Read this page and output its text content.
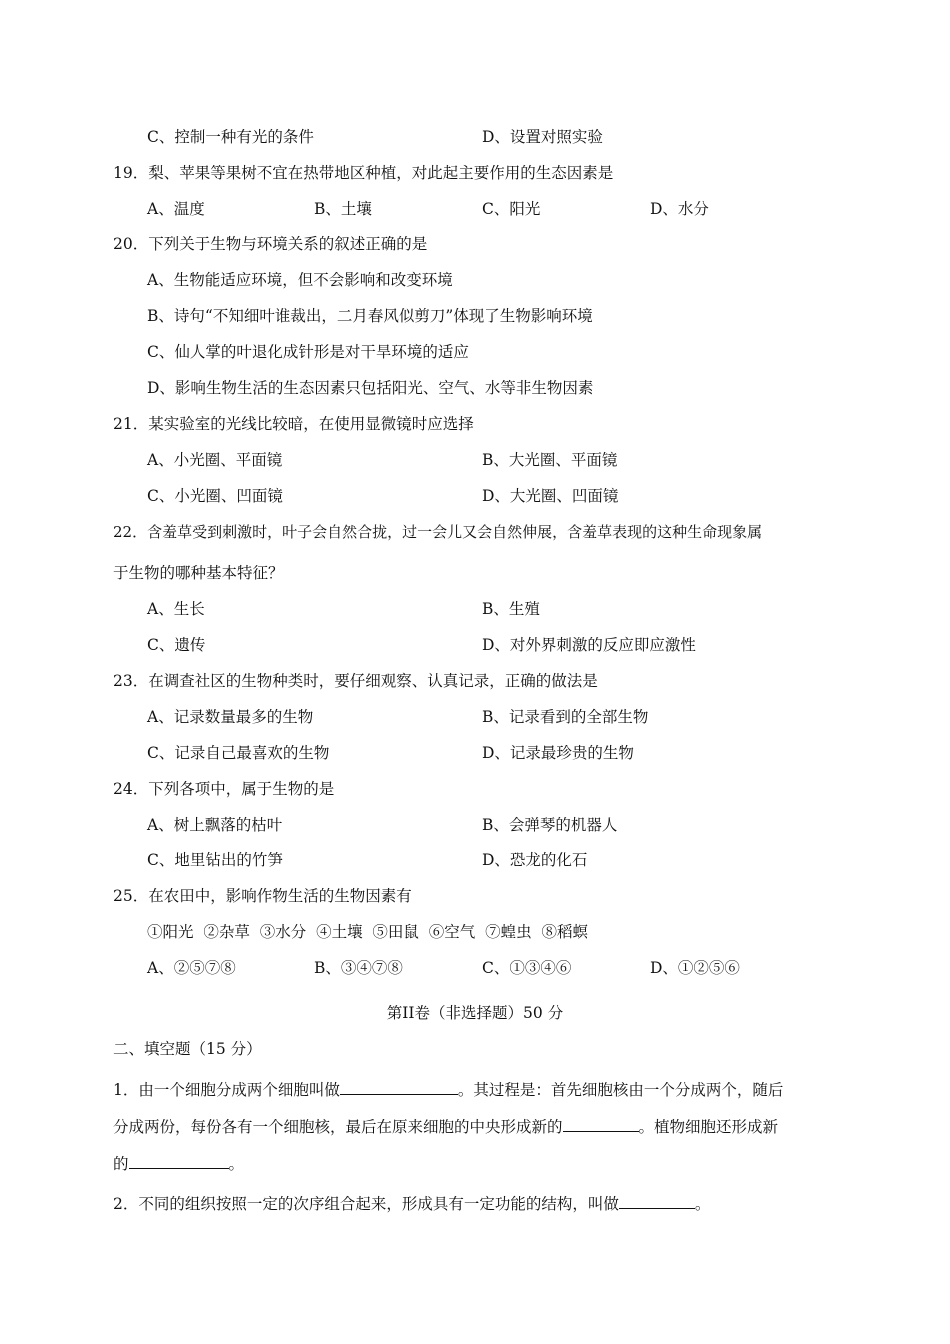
C、控制一种有光的条件	D、设置对照实验
19．梨、苹果等果树不宜在热带地区种植，对此起主要作用的生态因素是
A、温度	B、土壤	C、阳光	D、水分
20．下列关于生物与环境关系的叙述正确的是
A、生物能适应环境，但不会影响和改变环境
B、诗句“不知细叶谁裁出，二月春风似剪刀”体现了生物影响环境
C、仙人掌的叶退化成针形是对干旱环境的适应
D、影响生物生活的生态因素只包括阳光、空气、水等非生物因素
21．某实验室的光线比较暗，在使用显微镜时应选择
A、小光圈、平面镜	B、大光圈、平面镜
C、小光圈、凹面镜	D、大光圈、凹面镜
22．含羞草受到刺激时，叶子会自然合拢，过一会儿又会自然伸展，含羞草表现的这种生命现象属
于生物的哪种基本特征？
A、生长	B、生殖
C、遗传	D、对外界刺激的反应即应激性
23．在调查社区的生物种类时，要仔细观察、认真记录，正确的做法是
A、记录数量最多的生物	B、记录看到的全部生物
C、记录自己最喜欢的生物	D、记录最珍贵的生物
24．下列各项中，属于生物的是
A、树上飘落的枯叶	B、会弹琴的机器人
C、地里钻出的竹笋	D、恐龙的化石
25．在农田中，影响作物生活的生物因素有
①阳光  ②杂草  ③水分  ④土壤  ⑤田鼠  ⑥空气  ⑦蝗虫  ⑧稻螟
A、②⑤⑦⑧	B、③④⑦⑧	C、①③④⑥	D、①②⑤⑥
第II卷（非选择题）50 分
二、填空题（15 分）
1．由一个细胞分成两个细胞叫做	。其过程是：首先细胞核由一个分成两个，随后
分成两份，每份各有一个细胞核，最后在原来细胞的中央形成新的	。植物细胞还形成新
的	。
2．不同的组织按照一定的次序组合起来，形成具有一定功能的结构，叫做	。
